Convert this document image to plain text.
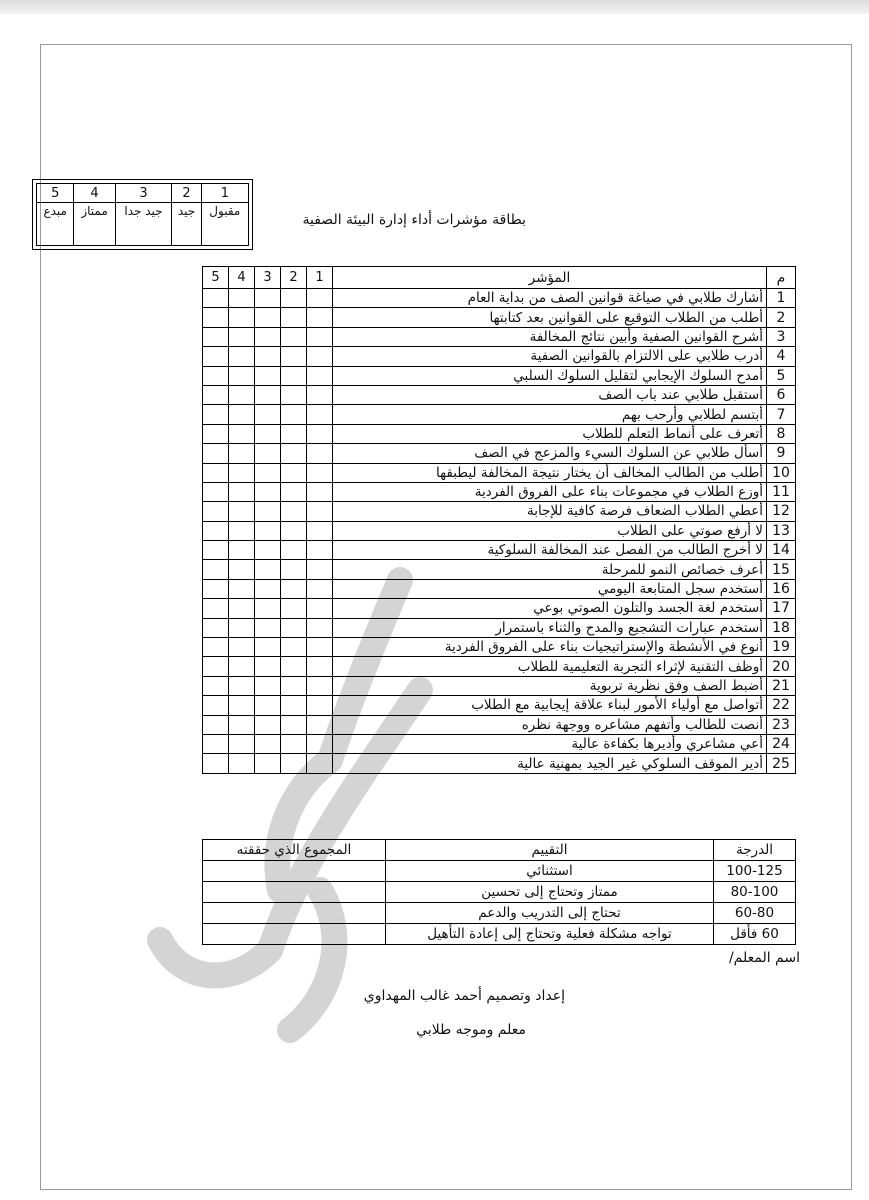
5	4	3	2	1
مبدع	ممتاز	جيد جدا	جيد	مقبول
بطاقة مؤشرات أداء إدارة البيئة الصفية
م	المؤشر	1	2	3	4	5
1	أشارك طلابي في صياغة قوانين الصف من بداية العام					
2	أطلب من الطلاب التوقيع على القوانين بعد كتابتها					
3	أشرح القوانين الصفية وأبين نتائج المخالفة					
4	أدرب طلابي على الالتزام بالقوانين الصفية					
5	أمدح السلوك الإيجابي لتقليل السلوك السلبي					
6	أستقبل طلابي عند باب الصف					
7	أبتسم لطلابي وأرحب بهم					
8	أتعرف على أنماط التعلم للطلاب					
9	أسأل طلابي عن السلوك السيء والمزعج في الصف					
10	أطلب من الطالب المخالف أن يختار نتيجة المخالفة ليطبقها					
11	أوزع الطلاب في مجموعات بناء على الفروق الفردية					
12	أعطي الطلاب الضعاف فرصة كافية للإجابة					
13	لا أرفع صوتي على الطلاب					
14	لا أخرج الطالب من الفصل عند المخالفة السلوكية					
15	أعرف خصائص النمو للمرحلة					
16	أستخدم سجل المتابعة اليومي					
17	أستخدم لغة الجسد والتلون الصوتي بوعي					
18	أستخدم عبارات التشجيع والمدح والثناء باستمرار					
19	أنوع في الأنشطة والإستراتيجيات بناء على الفروق الفردية					
20	أوظف التقنية لإثراء التجربة التعليمية للطلاب					
21	أضبط الصف وفق نظرية تربوية					
22	أتواصل مع أولياء الأمور لبناء علاقة إيجابية مع الطلاب					
23	أنصت للطالب وأتفهم مشاعره ووجهة نظره					
24	أعي مشاعري وأديرها بكفاءة عالية					
25	أدير الموقف السلوكي غير الجيد بمهنية عالية					
الدرجة	التقييم	المجموع الذي حققته
100-125	استثنائي	
80-100	ممتاز وتحتاج إلى تحسين	
60-80	تحتاج إلى التدريب والدعم	
60 فأقل	تواجه مشكلة فعلية وتحتاج إلى إعادة التأهيل	
اسم المعلم/
إعداد وتصميم أحمد غالب المهداوي
معلم وموجه طلابي
